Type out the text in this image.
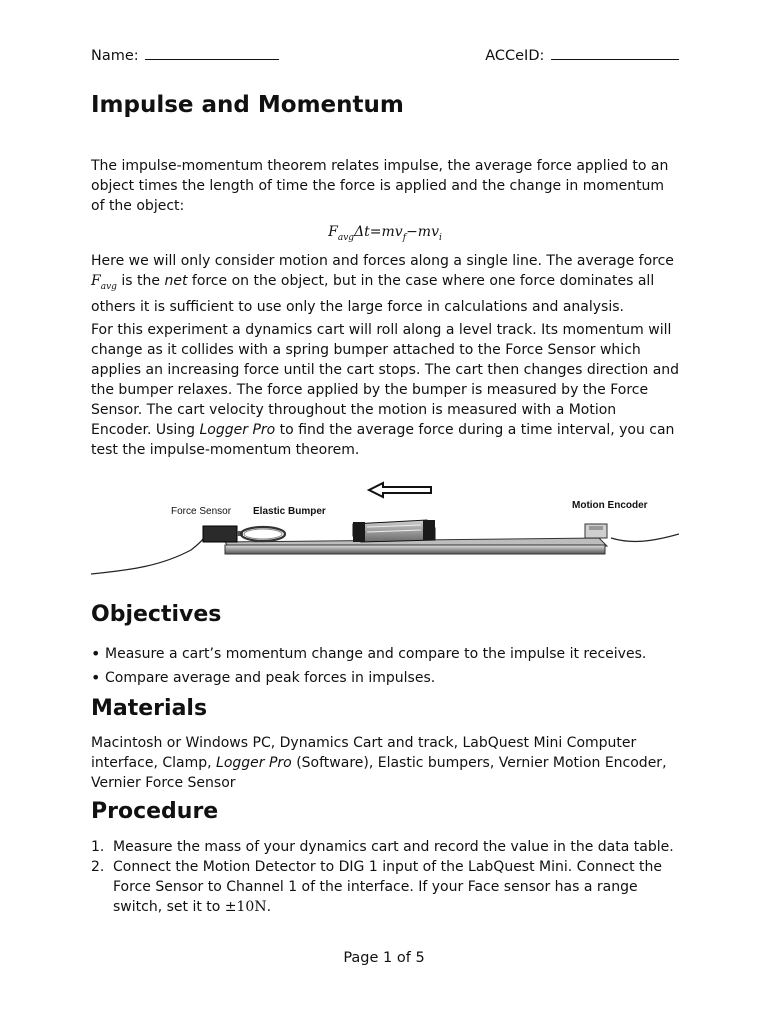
Name:	ACCeID:
Impulse and Momentum

The impulse-momentum theorem relates impulse, the average force applied to an object times the length of time the force is applied and the change in momentum of the object:

$F_{avg}\Delta t=mv_f-mv_i$

Here we will only consider motion and forces along a single line. The average force
$F_{avg}$ is the net force on the object, but in the case where one force dominates all others it is sufficient to use only the large force in calculations and analysis.

For this experiment a dynamics cart will roll along a level track. Its momentum will change as it collides with a spring bumper attached to the Force Sensor which applies an increasing force until the cart stops. The cart then changes direction and the bumper relaxes. The force applied by the bumper is measured by the Force Sensor. The cart velocity throughout the motion is measured with a Motion Encoder. Using Logger Pro to find the average force during a time interval, you can test the impulse-momentum theorem.

Force Sensor Elastic Bumper
Motion Encoder
Objectives
• Measure a cart’s momentum change and compare to the impulse it receives.
• Compare average and peak forces in impulses.
Materials

Macintosh or Windows PC, Dynamics Cart and track, LabQuest Mini Computer interface, Clamp, Logger Pro (Software), Elastic bumpers, Vernier Motion Encoder, Vernier Force Sensor

Procedure
1. Measure the mass of your dynamics cart and record the value in the data table.
2. Connect the Motion Detector to DIG 1 input of the LabQuest Mini. Connect the Force Sensor to Channel 1 of the interface. If your Face sensor has a range switch, set it to ±10N.
Page 1 of 5
